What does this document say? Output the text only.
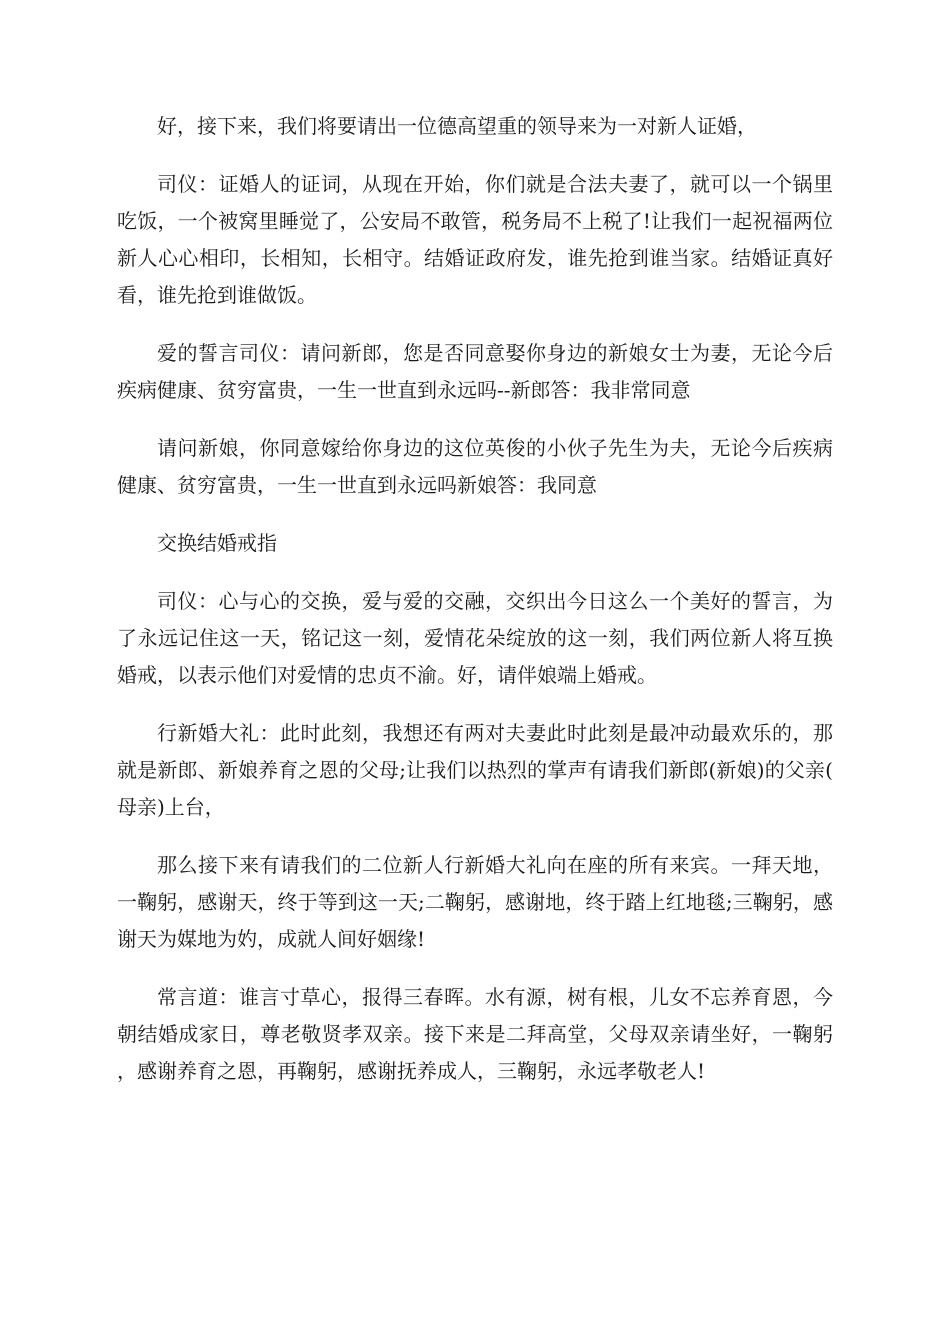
好，接下来，我们将要请出一位德高望重的领导来为一对新人证婚，

司仪：证婚人的证词，从现在开始，你们就是合法夫妻了，就可以一个锅里吃饭，一个被窝里睡觉了，公安局不敢管，税务局不上税了!让我们一起祝福两位新人心心相印，长相知，长相守。结婚证政府发，谁先抢到谁当家。结婚证真好看，谁先抢到谁做饭。

爱的誓言司仪：请问新郎，您是否同意娶你身边的新娘女士为妻，无论今后疾病健康、贫穷富贵，一生一世直到永远吗--新郎答：我非常同意

请问新娘，你同意嫁给你身边的这位英俊的小伙子先生为夫，无论今后疾病健康、贫穷富贵，一生一世直到永远吗新娘答：我同意

交换结婚戒指

司仪：心与心的交换，爱与爱的交融，交织出今日这么一个美好的誓言，为了永远记住这一天，铭记这一刻，爱情花朵绽放的这一刻，我们两位新人将互换婚戒，以表示他们对爱情的忠贞不渝。好，请伴娘端上婚戒。

行新婚大礼：此时此刻，我想还有两对夫妻此时此刻是最冲动最欢乐的，那就是新郎、新娘养育之恩的父母;让我们以热烈的掌声有请我们新郎(新娘)的父亲(母亲)上台，

那么接下来有请我们的二位新人行新婚大礼向在座的所有来宾。一拜天地，一鞠躬，感谢天，终于等到这一天;二鞠躬，感谢地，终于踏上红地毯;三鞠躬，感谢天为媒地为妁，成就人间好姻缘!

常言道：谁言寸草心，报得三春晖。水有源，树有根，儿女不忘养育恩，今朝结婚成家日，尊老敬贤孝双亲。接下来是二拜高堂，父母双亲请坐好，一鞠躬，感谢养育之恩，再鞠躬，感谢抚养成人，三鞠躬，永远孝敬老人!
